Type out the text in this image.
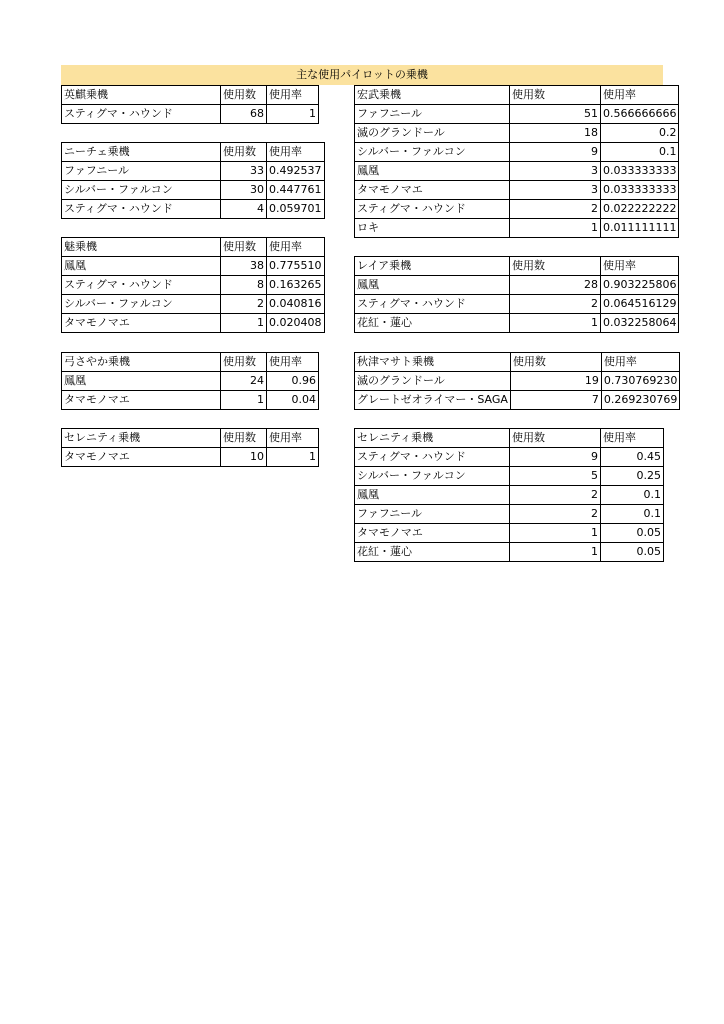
主な使用パイロットの乗機
英麒乗機	使用数	使用率
スティグマ・ハウンド	68	1
ニーチェ乗機	使用数	使用率
ファフニール	33	0.492537
シルバー・ファルコン	30	0.447761
スティグマ・ハウンド	4	0.059701
魅乗機	使用数	使用率
鳳凰	38	0.775510
スティグマ・ハウンド	8	0.163265
シルバー・ファルコン	2	0.040816
タマモノマエ	1	0.020408
弓さやか乗機	使用数	使用率
鳳凰	24	0.96
タマモノマエ	1	0.04
セレニティ乗機	使用数	使用率
タマモノマエ	10	1
宏武乗機	使用数	使用率
ファフニール	51	0.566666666
滅のグランドール	18	0.2
シルバー・ファルコン	9	0.1
鳳凰	3	0.033333333
タマモノマエ	3	0.033333333
スティグマ・ハウンド	2	0.022222222
ロキ	1	0.011111111
レイア乗機	使用数	使用率
鳳凰	28	0.903225806
スティグマ・ハウンド	2	0.064516129
花紅・蓮心	1	0.032258064
秋津マサト乗機	使用数	使用率
滅のグランドール	19	0.730769230
グレートゼオライマー・SAGA	7	0.269230769
セレニティ乗機	使用数	使用率
スティグマ・ハウンド	9	0.45
シルバー・ファルコン	5	0.25
鳳凰	2	0.1
ファフニール	2	0.1
タマモノマエ	1	0.05
花紅・蓮心	1	0.05
